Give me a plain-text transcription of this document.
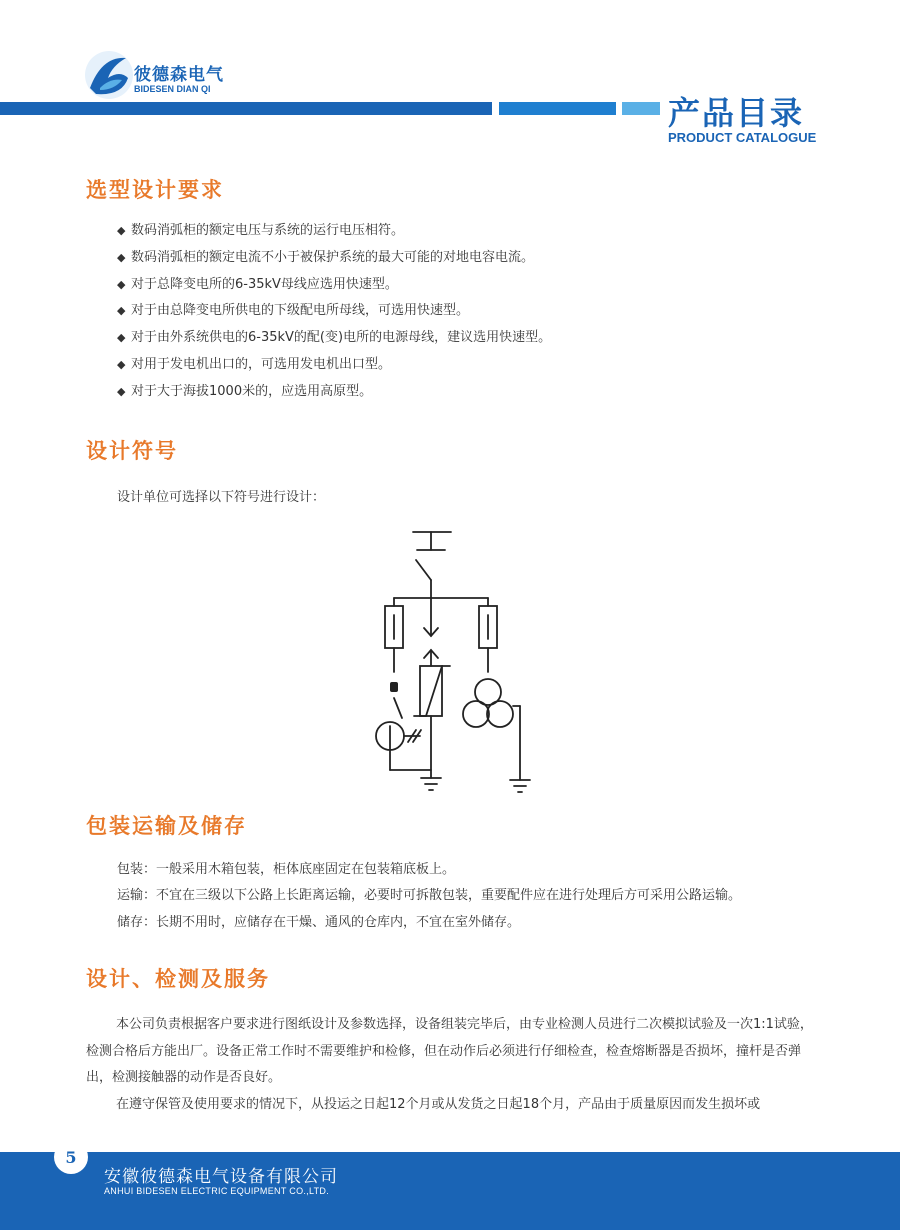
彼德森电气
BIDESEN DIAN QI
产品目录
PRODUCT CATALOGUE
选型设计要求
◆ 数码消弧柜的额定电压与系统的运行电压相符。
◆ 数码消弧柜的额定电流不小于被保护系统的最大可能的对地电容电流。
◆ 对于总降变电所的6-35kV母线应选用快速型。
◆ 对于由总降变电所供电的下级配电所母线，可选用快速型。
◆ 对于由外系统供电的6-35kV的配(变)电所的电源母线，建议选用快速型。
◆ 对用于发电机出口的，可选用发电机出口型。
◆ 对于大于海拔1000米的，应选用高原型。
设计符号
设计单位可选择以下符号进行设计：
包装运输及储存
包装：一般采用木箱包装，柜体底座固定在包装箱底板上。
运输：不宜在三级以下公路上长距离运输，必要时可拆散包装，重要配件应在进行处理后方可采用公路运输。
储存：长期不用时，应储存在干燥、通风的仓库内，不宜在室外储存。
设计、检测及服务

本公司负责根据客户要求进行图纸设计及参数选择，设备组装完毕后，由专业检测人员进行二次模拟试验及一次1:1试验，检测合格后方能出厂。设备正常工作时不需要维护和检修，但在动作后必须进行仔细检查，检查熔断器是否损坏，撞杆是否弹出，检测接触器的动作是否良好。

在遵守保管及使用要求的情况下，从投运之日起12个月或从发货之日起18个月，产品由于质量原因而发生损坏或

5
安徽彼德森电气设备有限公司
ANHUI BIDESEN ELECTRIC EQUIPMENT CO.,LTD.
